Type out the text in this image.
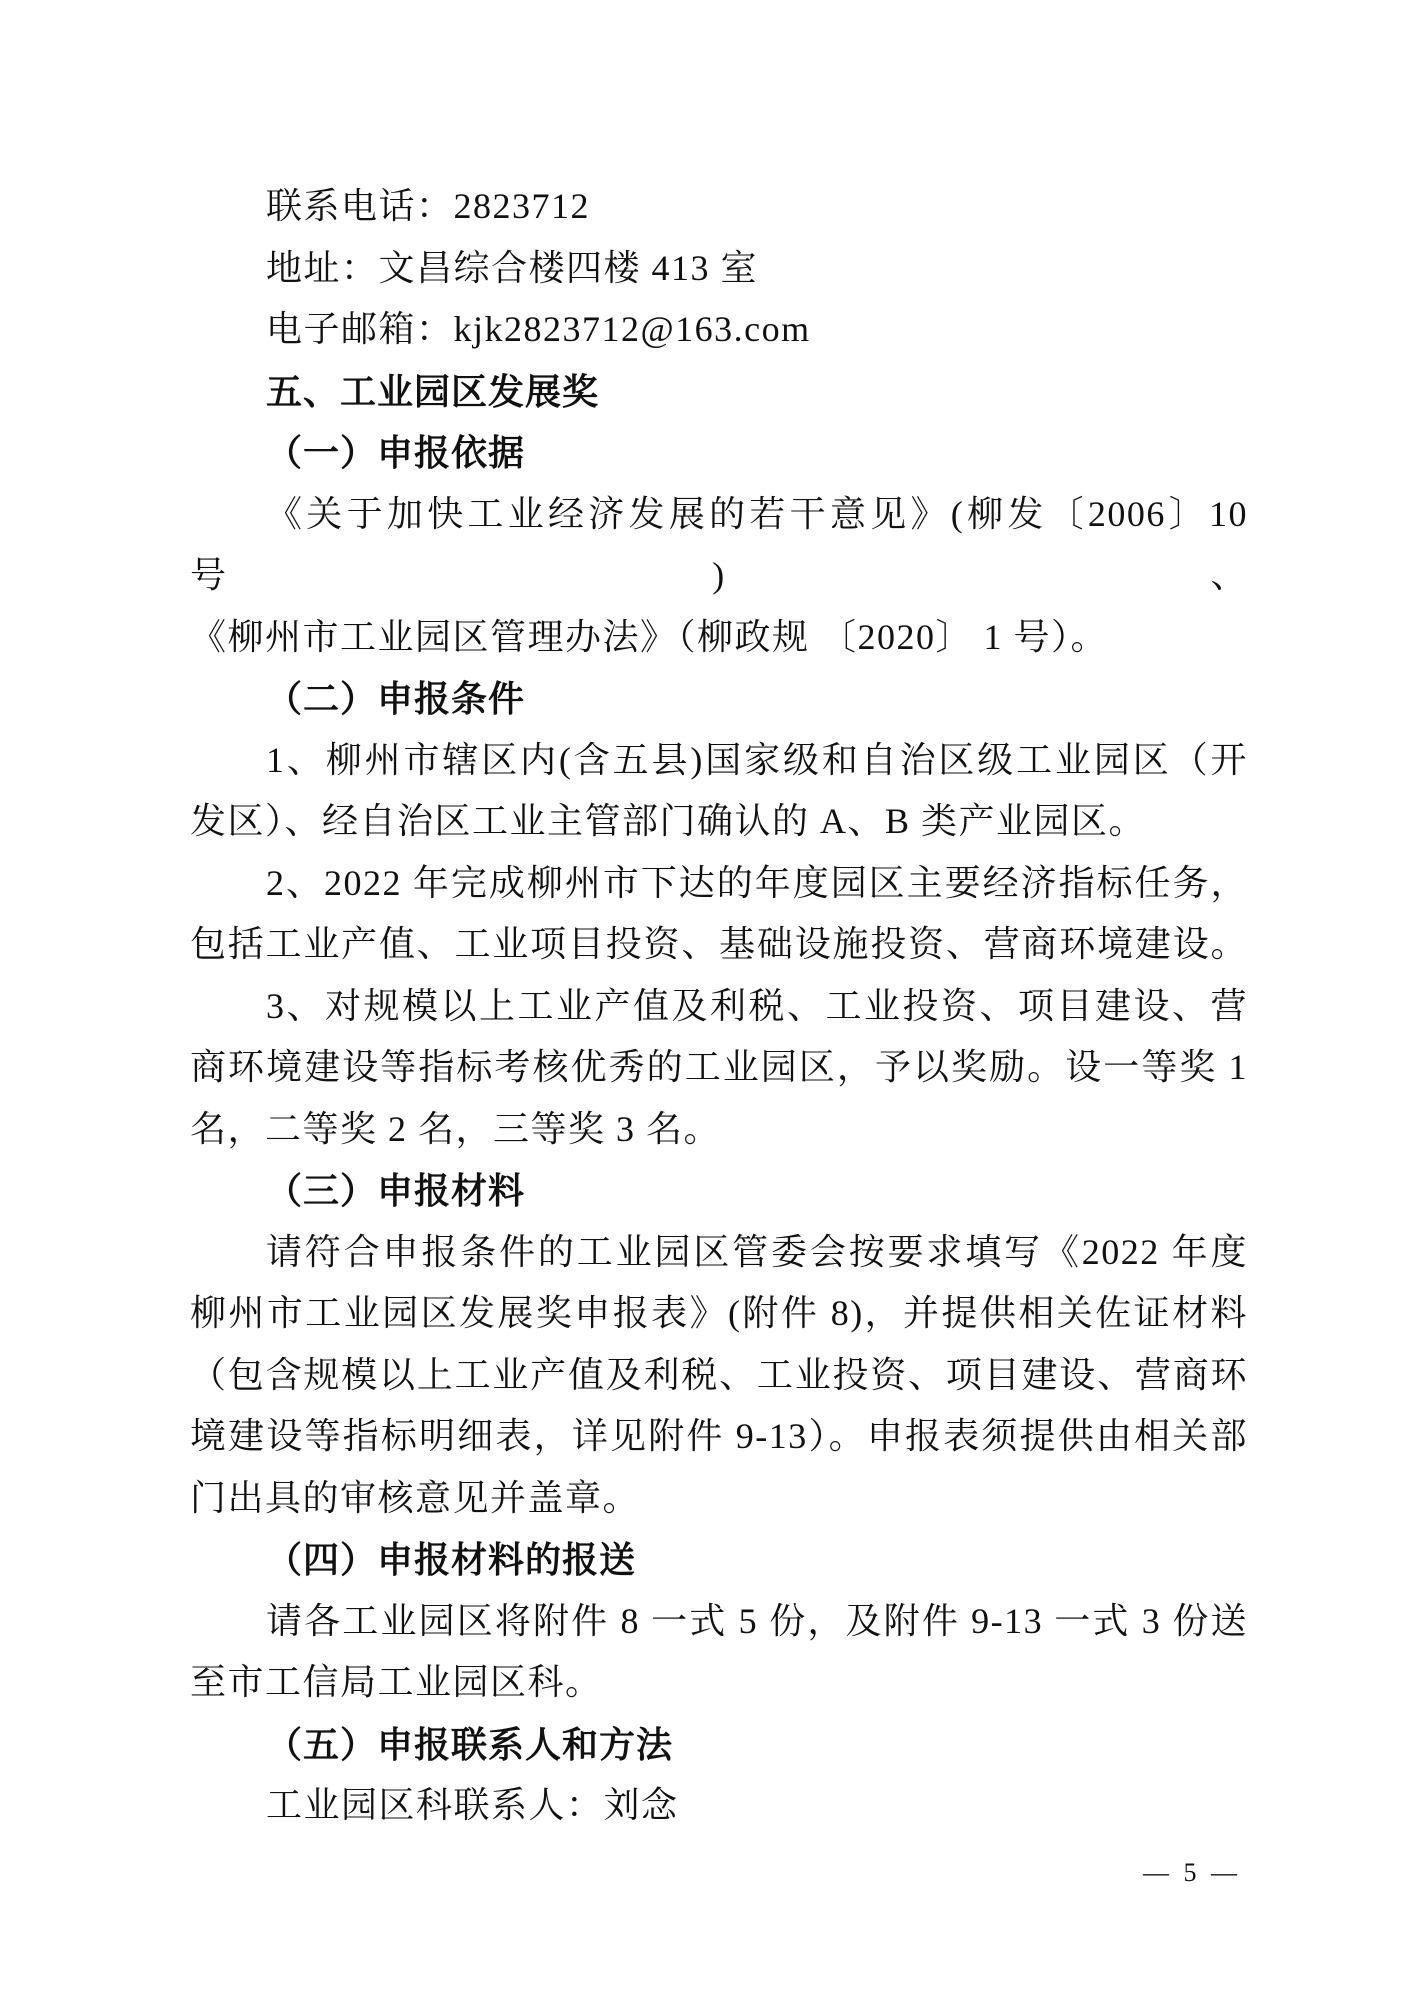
联系电话：2823712
地址：文昌综合楼四楼 413 室
电子邮箱：kjk2823712@163.com
五、工业园区发展奖
（一）申报依据
《关于加快工业经济发展的若干意见》(柳发〔2006〕10 号)、
《柳州市工业园区管理办法》（柳政规 〔2020〕 1 号）。
（二）申报条件
1、柳州市辖区内(含五县)国家级和自治区级工业园区（开
发区）、经自治区工业主管部门确认的 A、B 类产业园区。
2、2022 年完成柳州市下达的年度园区主要经济指标任务，
包括工业产值、工业项目投资、基础设施投资、营商环境建设。
3、对规模以上工业产值及利税、工业投资、项目建设、营
商环境建设等指标考核优秀的工业园区，予以奖励。设一等奖 1
名，二等奖 2 名，三等奖 3 名。
（三）申报材料
请符合申报条件的工业园区管委会按要求填写《2022 年度
柳州市工业园区发展奖申报表》(附件 8)，并提供相关佐证材料
（包含规模以上工业产值及利税、工业投资、项目建设、营商环
境建设等指标明细表，详见附件 9-13）。申报表须提供由相关部
门出具的审核意见并盖章。
（四）申报材料的报送
请各工业园区将附件 8 一式 5 份，及附件 9-13 一式 3 份送
至市工信局工业园区科。
（五）申报联系人和方法
工业园区科联系人：刘念
— 5 —
